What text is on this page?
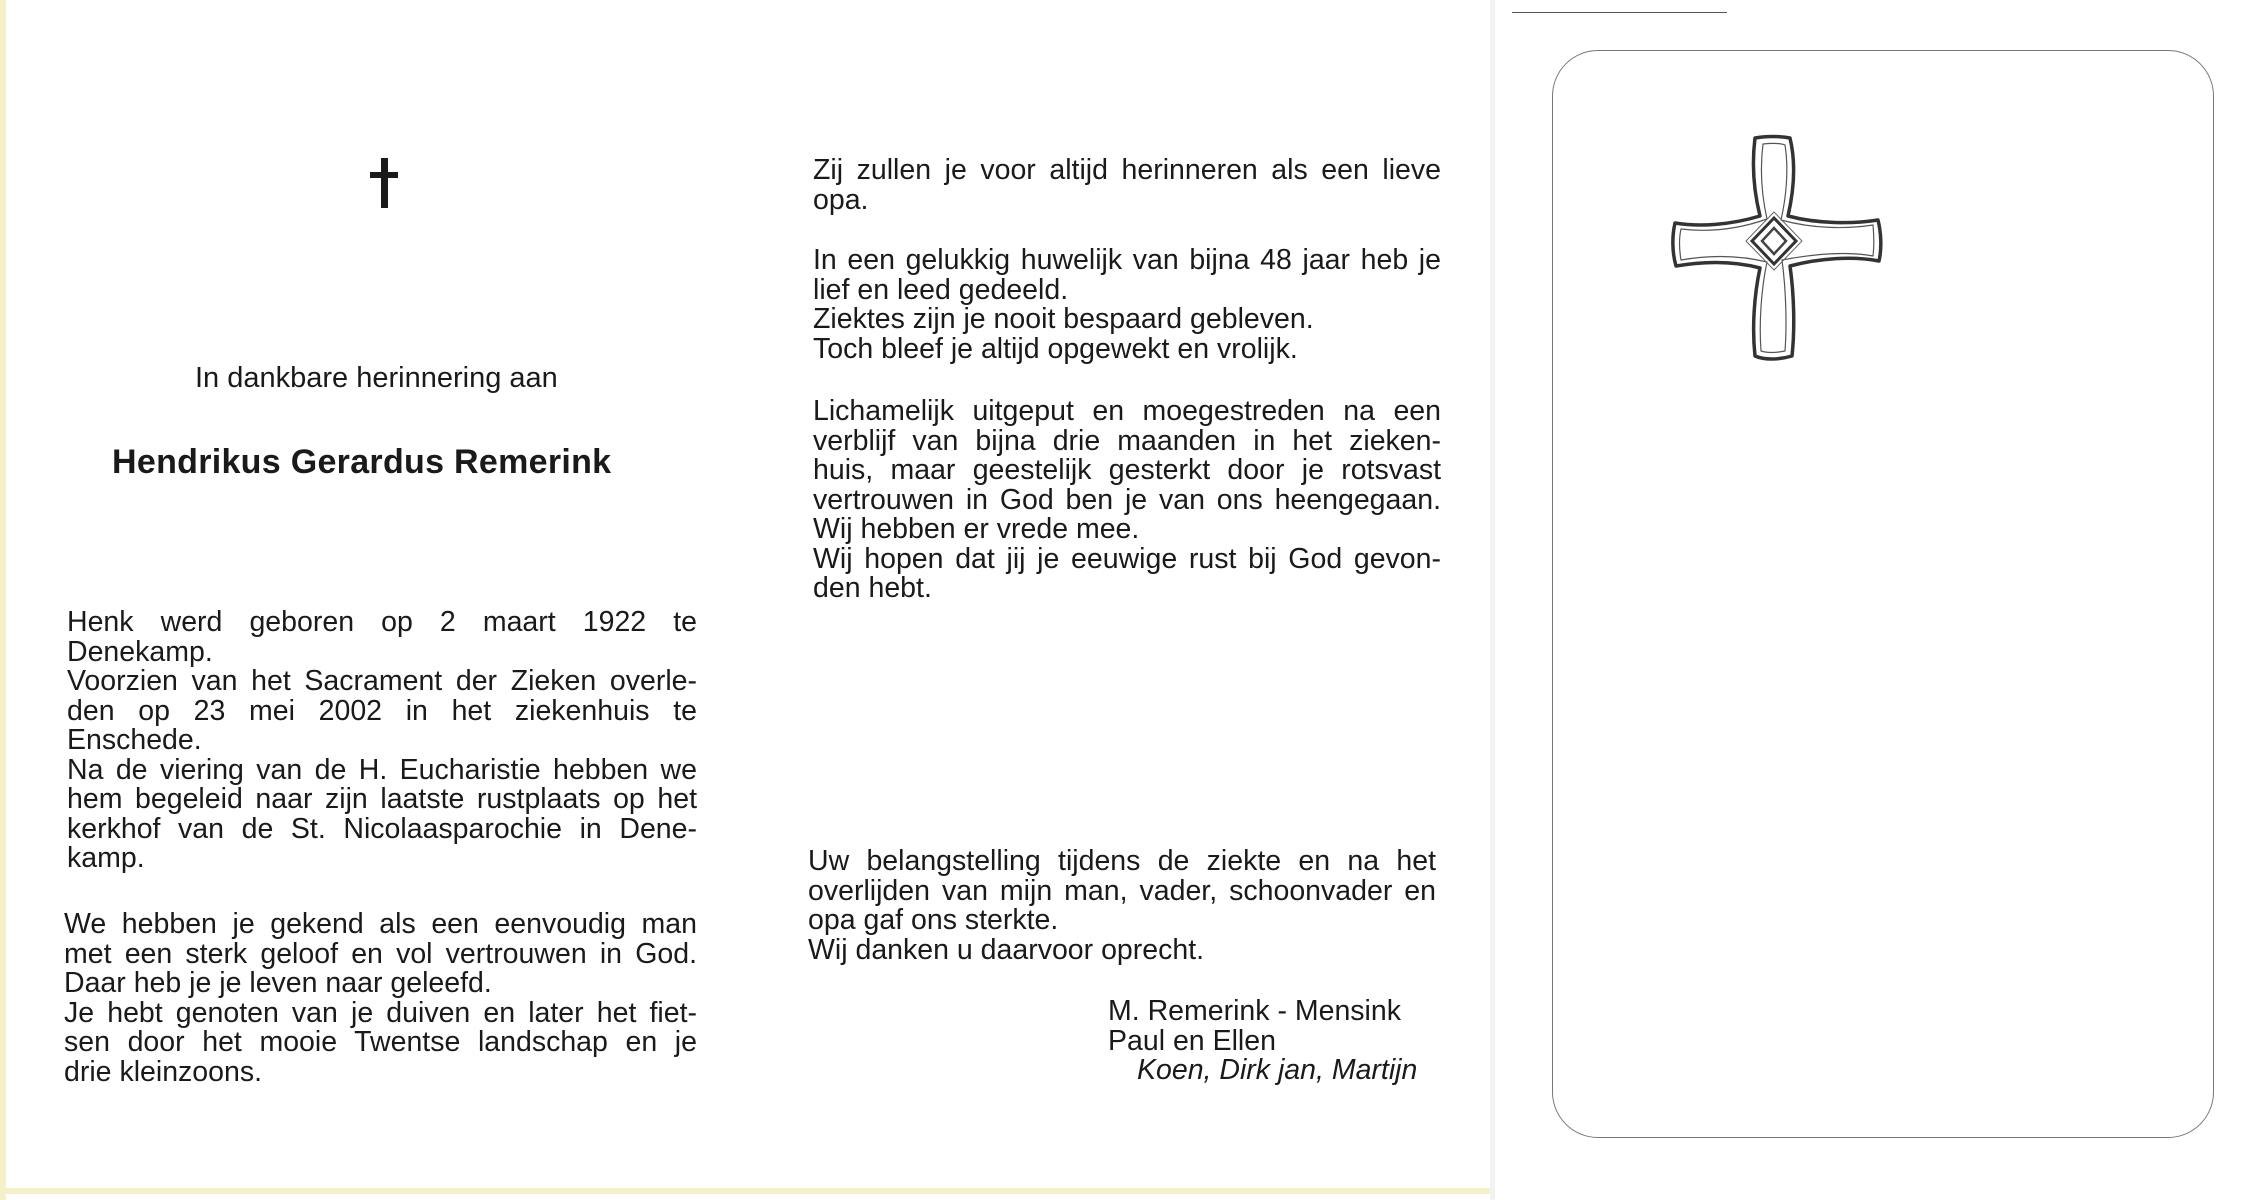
In dankbare herinnering aan
Hendrikus Gerardus Remerink
Henk werd geboren op 2 maart 1922 te
Denekamp.
Voorzien van het Sacrament der Zieken overle-
den op 23 mei 2002 in het ziekenhuis te
Enschede.
Na de viering van de H. Eucharistie hebben we
hem begeleid naar zijn laatste rustplaats op het
kerkhof van de St. Nicolaasparochie in Dene-
kamp.
We hebben je gekend als een eenvoudig man
met een sterk geloof en vol vertrouwen in God.
Daar heb je je leven naar geleefd.
Je hebt genoten van je duiven en later het fiet-
sen door het mooie Twentse landschap en je
drie kleinzoons.
Zij zullen je voor altijd herinneren als een lieve
opa.
In een gelukkig huwelijk van bijna 48 jaar heb je
lief en leed gedeeld.
Ziektes zijn je nooit bespaard gebleven.
Toch bleef je altijd opgewekt en vrolijk.
Lichamelijk uitgeput en moegestreden na een
verblijf van bijna drie maanden in het zieken-
huis, maar geestelijk gesterkt door je rotsvast
vertrouwen in God ben je van ons heengegaan.
Wij hebben er vrede mee.
Wij hopen dat jij je eeuwige rust bij God gevon-
den hebt.
Uw belangstelling tijdens de ziekte en na het
overlijden van mijn man, vader, schoonvader en
opa gaf ons sterkte.
Wij danken u daarvoor oprecht.
M. Remerink - Mensink
Paul en Ellen
Koen, Dirk jan, Martijn
